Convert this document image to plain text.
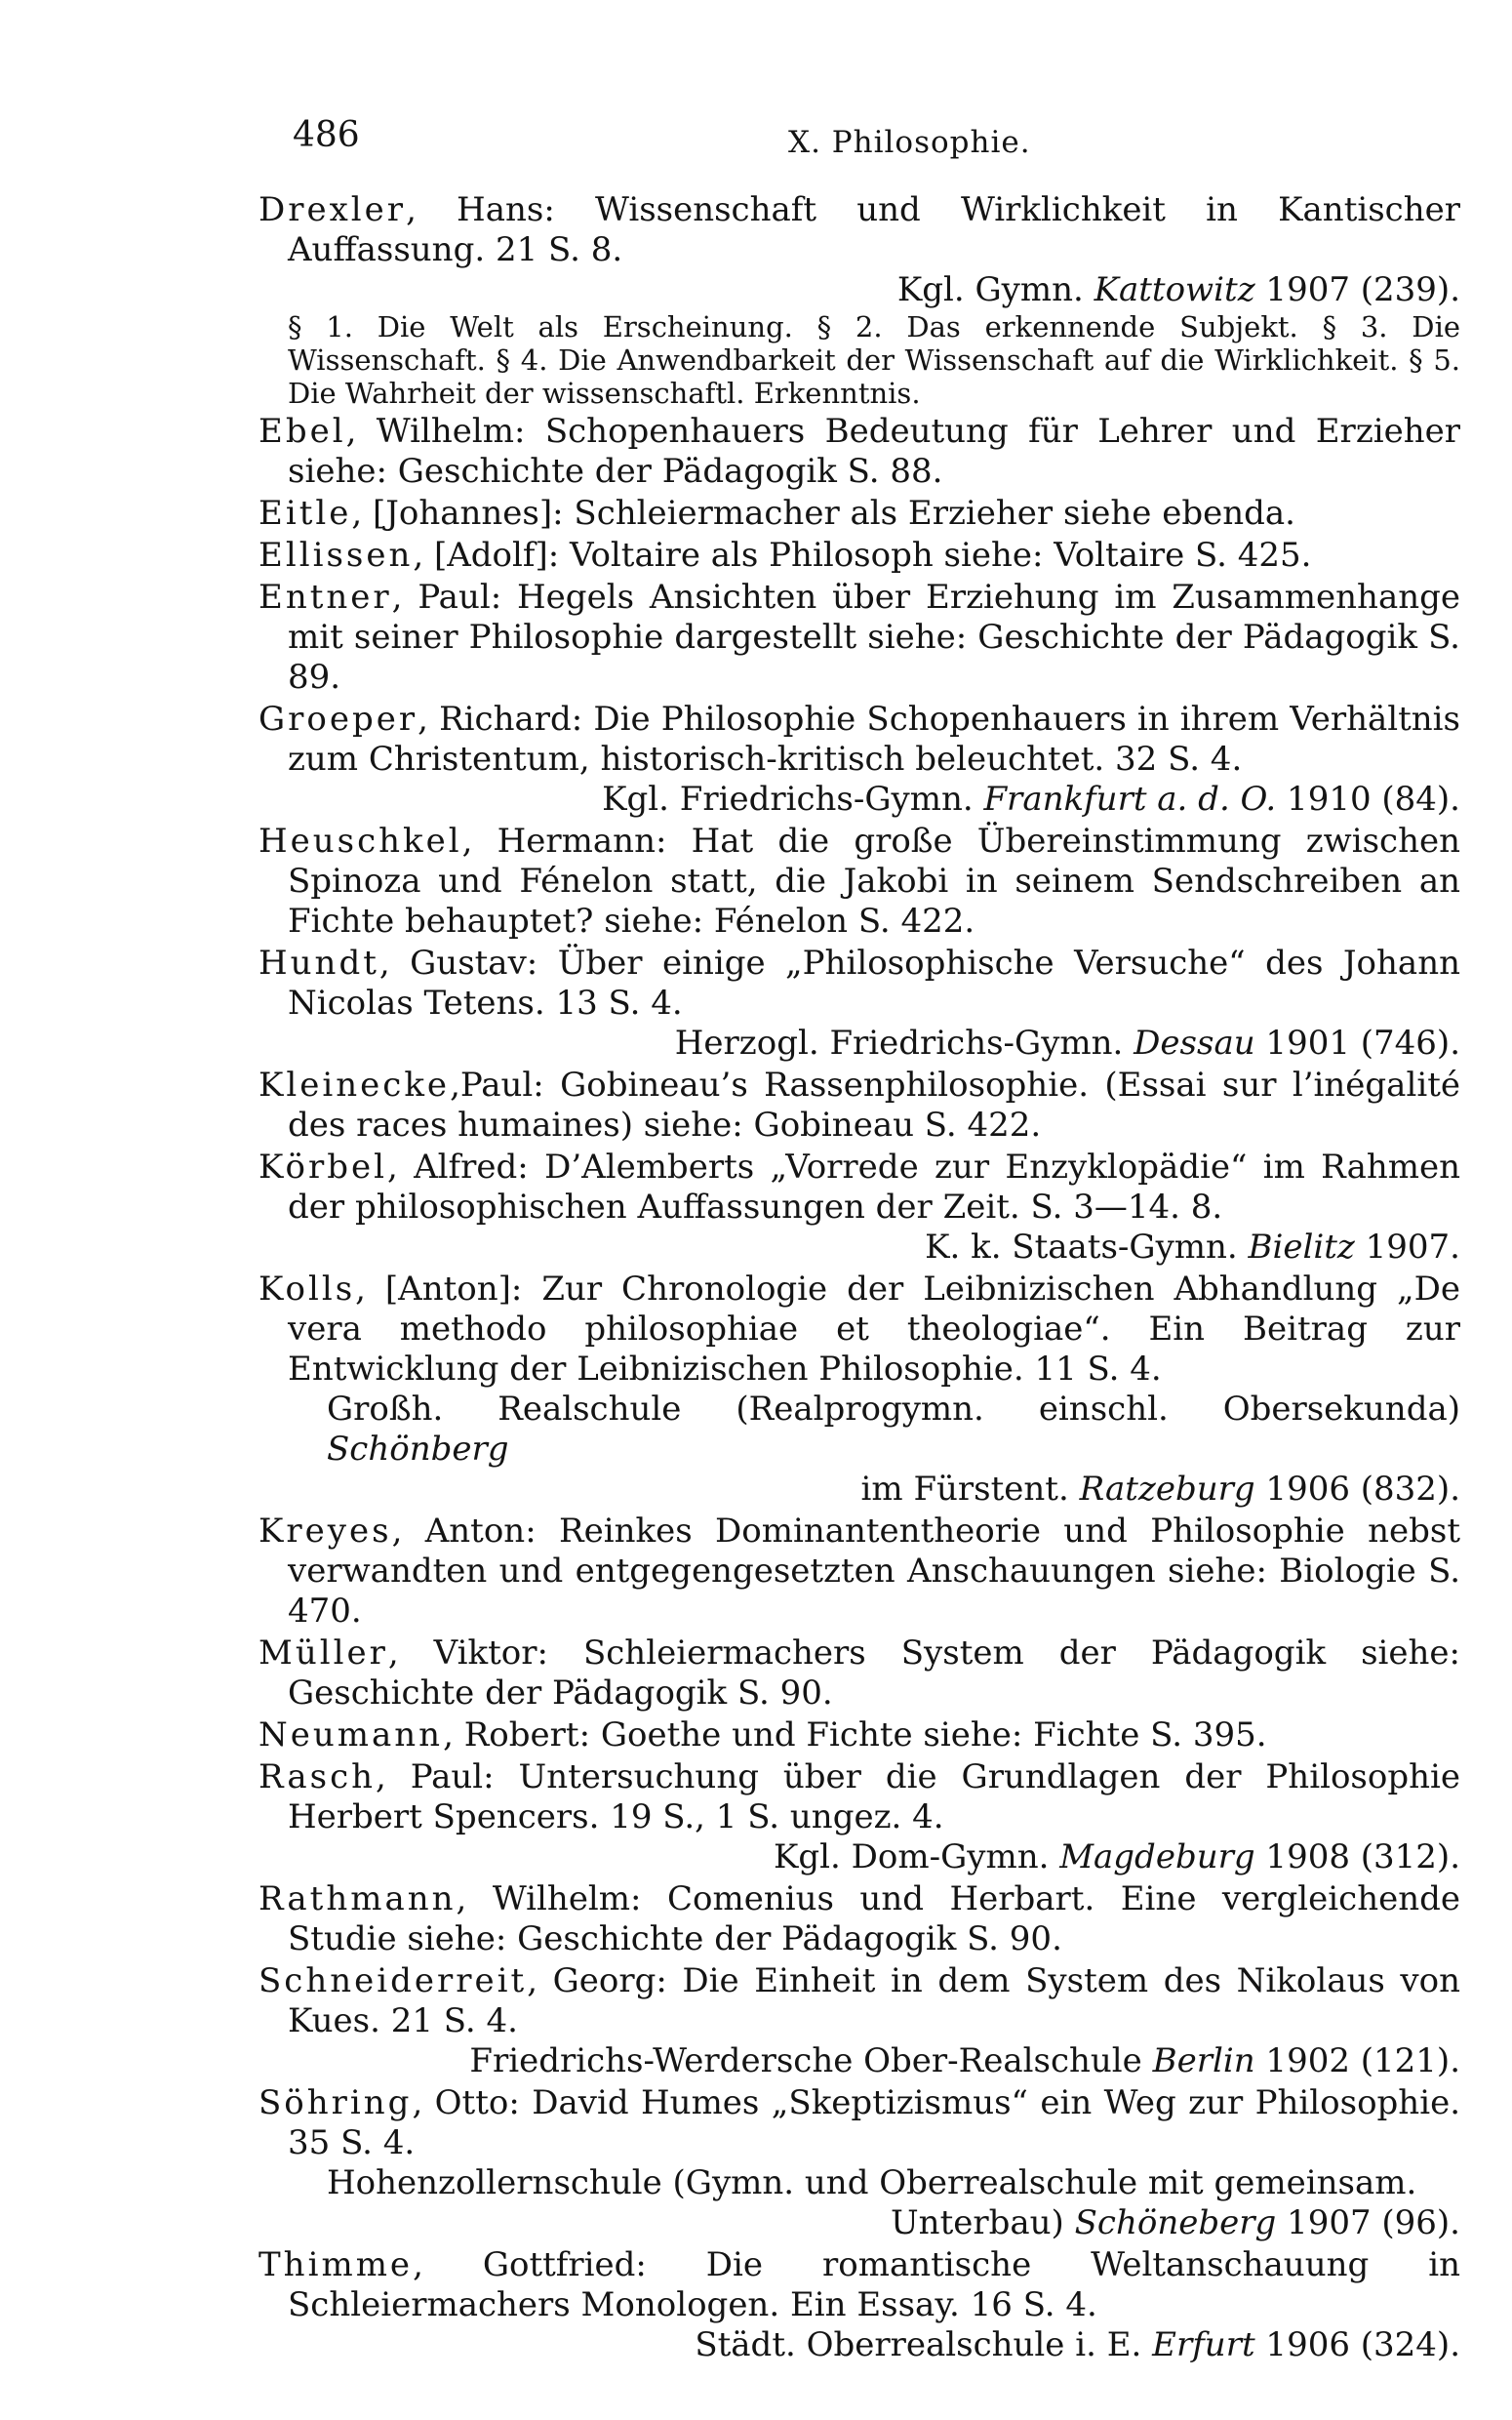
486	X. Philosophie.
Drexler, Hans: Wissenschaft und Wirklichkeit in Kantischer Auffassung. 21 S. 8.
Kgl. Gymn. Kattowitz 1907 (239).
§ 1. Die Welt als Erscheinung. § 2. Das erkennende Subjekt. § 3. Die Wissenschaft. § 4. Die Anwendbarkeit der Wissenschaft auf die Wirklichkeit. § 5. Die Wahrheit der wissenschaftl. Erkenntnis.
Ebel, Wilhelm: Schopenhauers Bedeutung für Lehrer und Erzieher siehe: Geschichte der Pädagogik S. 88.
Eitle, [Johannes]: Schleiermacher als Erzieher siehe ebenda.
Ellissen, [Adolf]: Voltaire als Philosoph siehe: Voltaire S. 425.
Entner, Paul: Hegels Ansichten über Erziehung im Zusammenhange mit seiner Philosophie dargestellt siehe: Geschichte der Pädagogik S. 89.
Groeper, Richard: Die Philosophie Schopenhauers in ihrem Verhältnis zum Christentum, historisch-kritisch beleuchtet. 32 S. 4.
Kgl. Friedrichs-Gymn. Frankfurt a. d. O. 1910 (84).
Heuschkel, Hermann: Hat die große Übereinstimmung zwischen Spinoza und Fénelon statt, die Jakobi in seinem Sendschreiben an Fichte behauptet? siehe: Fénelon S. 422.
Hundt, Gustav: Über einige „Philosophische Versuche“ des Johann Nicolas Tetens. 13 S. 4.
Herzogl. Friedrichs-Gymn. Dessau 1901 (746).
Kleinecke,Paul: Gobineau’s Rassenphilosophie. (Essai sur l’inégalité des races humaines) siehe: Gobineau S. 422.
Körbel, Alfred: D’Alemberts „Vorrede zur Enzyklopädie“ im Rahmen der philosophischen Auffassungen der Zeit. S. 3—14. 8.
K. k. Staats-Gymn. Bielitz 1907.
Kolls, [Anton]: Zur Chronologie der Leibnizischen Abhandlung „De vera methodo philosophiae et theologiae“. Ein Beitrag zur Entwicklung der Leibnizischen Philosophie. 11 S. 4.
Großh. Realschule (Realprogymn. einschl. Obersekunda) Schönberg
im Fürstent. Ratzeburg 1906 (832).
Kreyes, Anton: Reinkes Dominantentheorie und Philosophie nebst verwandten und entgegengesetzten Anschauungen siehe: Biologie S. 470.
Müller, Viktor: Schleiermachers System der Pädagogik siehe: Geschichte der Pädagogik S. 90.
Neumann, Robert: Goethe und Fichte siehe: Fichte S. 395.
Rasch, Paul: Untersuchung über die Grundlagen der Philosophie Herbert Spencers. 19 S., 1 S. ungez. 4.
Kgl. Dom-Gymn. Magdeburg 1908 (312).
Rathmann, Wilhelm: Comenius und Herbart. Eine vergleichende Studie siehe: Geschichte der Pädagogik S. 90.
Schneiderreit, Georg: Die Einheit in dem System des Nikolaus von Kues. 21 S. 4.
Friedrichs-Werdersche Ober-Realschule Berlin 1902 (121).
Söhring, Otto: David Humes „Skeptizismus“ ein Weg zur Philosophie. 35 S. 4.
Hohenzollernschule (Gymn. und Oberrealschule mit gemeinsam.
Unterbau) Schöneberg 1907 (96).
Thimme, Gottfried: Die romantische Weltanschauung in Schleiermachers Monologen. Ein Essay. 16 S. 4.
Städt. Oberrealschule i. E. Erfurt 1906 (324).
